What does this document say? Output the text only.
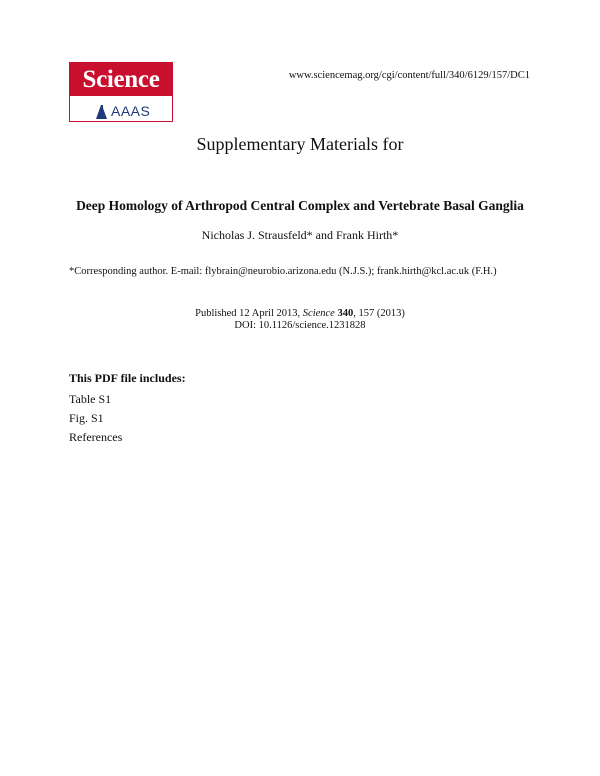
Science
AAAS
www.sciencemag.org/cgi/content/full/340/6129/157/DC1
Supplementary Materials for
Deep Homology of Arthropod Central Complex and Vertebrate Basal Ganglia
Nicholas J. Strausfeld* and Frank Hirth*
*Corresponding author. E-mail: flybrain@neurobio.arizona.edu (N.J.S.); frank.hirth@kcl.ac.uk (F.H.)
Published 12 April 2013, Science 340, 157 (2013)
DOI: 10.1126/science.1231828
This PDF file includes:
Table S1
Fig. S1
References
